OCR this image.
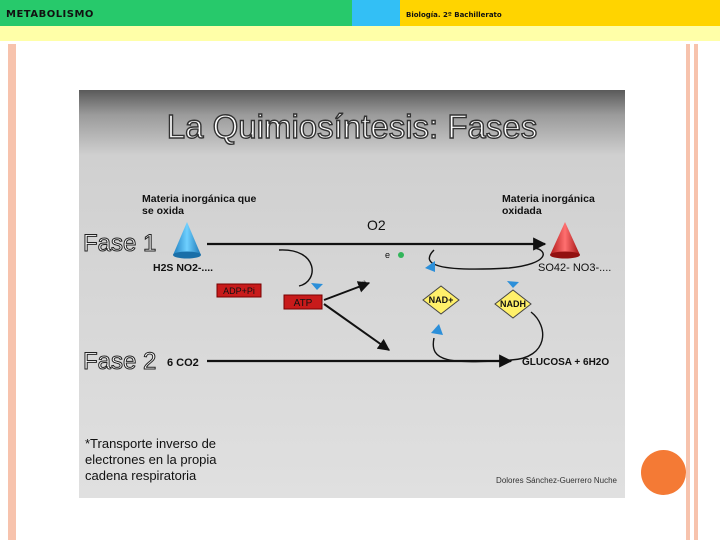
METABOLISMO	Biología. 2º Bachillerato
La Quimiosíntesis: Fases
Materia inorgánica que
se oxida
Materia inorgánica
oxidada
Fase 1
Fase 2
O2
H2S NO2-....	SO42- NO3-....
e
ADP+Pi
ATP
*
NAD+	NADH
6 CO2	GLUCOSA + 6H2O
*Transporte inverso de
electrones en la propia
cadena respiratoria	Dolores Sánchez-Guerrero Nuche
